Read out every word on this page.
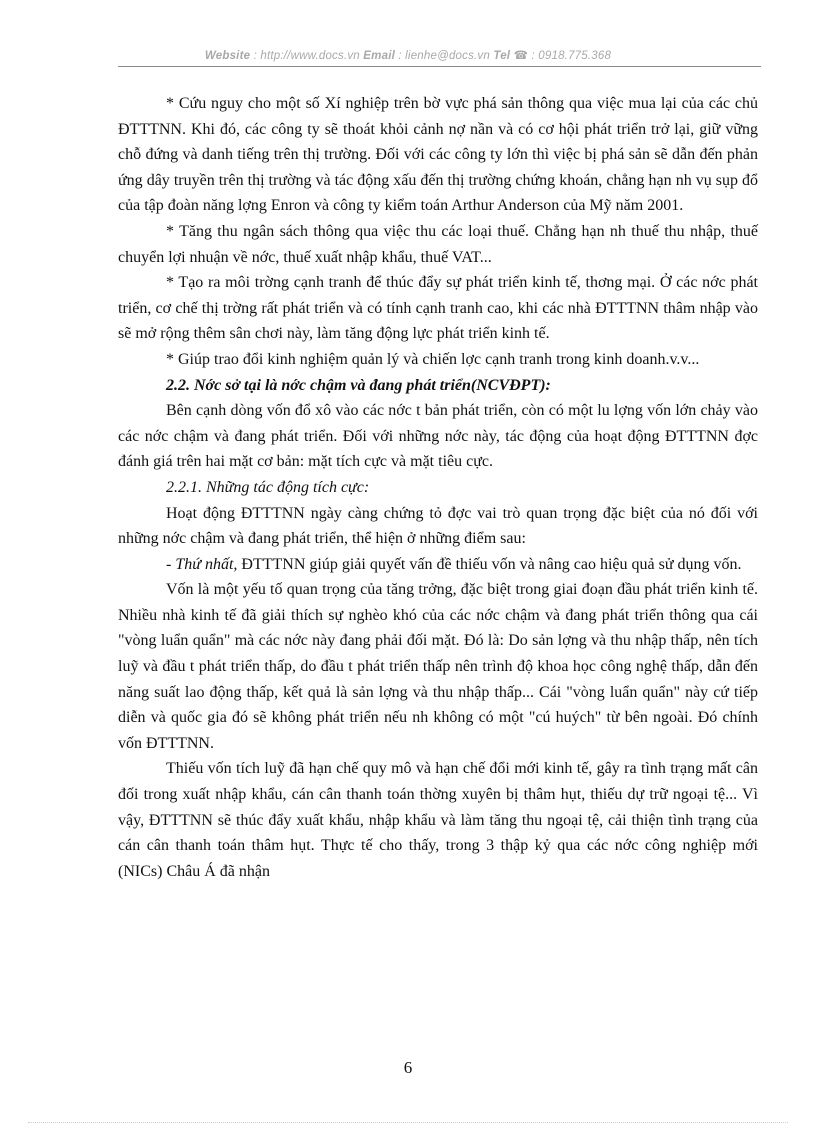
Website : http://www.docs.vn Email : lienhe@docs.vn Tel ☎ : 0918.775.368

* Cứu nguy cho một số Xí nghiệp trên bờ vực phá sản thông qua việc mua lại của các chủ ĐTTTNN. Khi đó, các công ty sẽ thoát khỏi cảnh nợ nần và có cơ hội phát triển trở lại, giữ vững chỗ đứng và danh tiếng trên thị trường. Đối với các công ty lớn thì việc bị phá sản sẽ dẫn đến phản ứng dây truyền trên thị trường và tác động xấu đến thị trường chứng khoán, chẳng hạn nh vụ sụp đổ của tập đoàn năng lợng Enron và công ty kiểm toán Arthur Anderson của Mỹ năm 2001.

* Tăng thu ngân sách thông qua việc thu các loại thuế. Chẳng hạn nh thuế thu nhập, thuế chuyển lợi nhuận về nớc, thuế xuất nhập khẩu, thuế VAT...

* Tạo ra môi trờng cạnh tranh để thúc đẩy sự phát triển kinh tế, thơng mại. Ở các nớc phát triển, cơ chế thị trờng rất phát triển và có tính cạnh tranh cao, khi các nhà ĐTTTNN thâm nhập vào sẽ mở rộng thêm sân chơi này, làm tăng động lực phát triển kinh tế.

* Giúp trao đổi kinh nghiệm quản lý và chiến lợc cạnh tranh trong kinh doanh.v.v...

2.2. Nớc sở tại là nớc chậm và đang phát triển(NCVĐPT):

Bên cạnh dòng vốn đổ xô vào các nớc t bản phát triển, còn có một lu lợng vốn lớn chảy vào các nớc chậm và đang phát triển. Đối với những nớc này, tác động của hoạt động ĐTTTNN đợc đánh giá trên hai mặt cơ bản: mặt tích cực và mặt tiêu cực.

2.2.1. Những tác động tích cực:

Hoạt động ĐTTTNN ngày càng chứng tỏ đợc vai trò quan trọng đặc biệt của nó đối với những nớc chậm và đang phát triển, thể hiện ở những điểm sau:

- Thứ nhất, ĐTTTNN giúp giải quyết vấn đề thiếu vốn và nâng cao hiệu quả sử dụng vốn.

Vốn là một yếu tố quan trọng của tăng trởng, đặc biệt trong giai đoạn đầu phát triển kinh tế. Nhiều nhà kinh tế đã giải thích sự nghèo khó của các nớc chậm và đang phát triển thông qua cái "vòng luẩn quẩn" mà các nớc này đang phải đối mặt. Đó là: Do sản lợng và thu nhập thấp, nên tích luỹ và đầu t phát triển thấp, do đầu t phát triển thấp nên trình độ khoa học công nghệ thấp, dẫn đến năng suất lao động thấp, kết quả là sản lợng và thu nhập thấp... Cái "vòng luẩn quẩn" này cứ tiếp diễn và quốc gia đó sẽ không phát triển nếu nh không có một "cú huých" từ bên ngoài. Đó chính vốn ĐTTTNN.

Thiếu vốn tích luỹ đã hạn chế quy mô và hạn chế đổi mới kinh tế, gây ra tình trạng mất cân đối trong xuất nhập khẩu, cán cân thanh toán thờng xuyên bị thâm hụt, thiếu dự trữ ngoại tệ... Vì vậy, ĐTTTNN sẽ thúc đẩy xuất khẩu, nhập khẩu và làm tăng thu ngoại tệ, cải thiện tình trạng của cán cân thanh toán thâm hụt. Thực tế cho thấy, trong 3 thập kỷ qua các nớc công nghiệp mới (NICs) Châu Á đã nhận

6
